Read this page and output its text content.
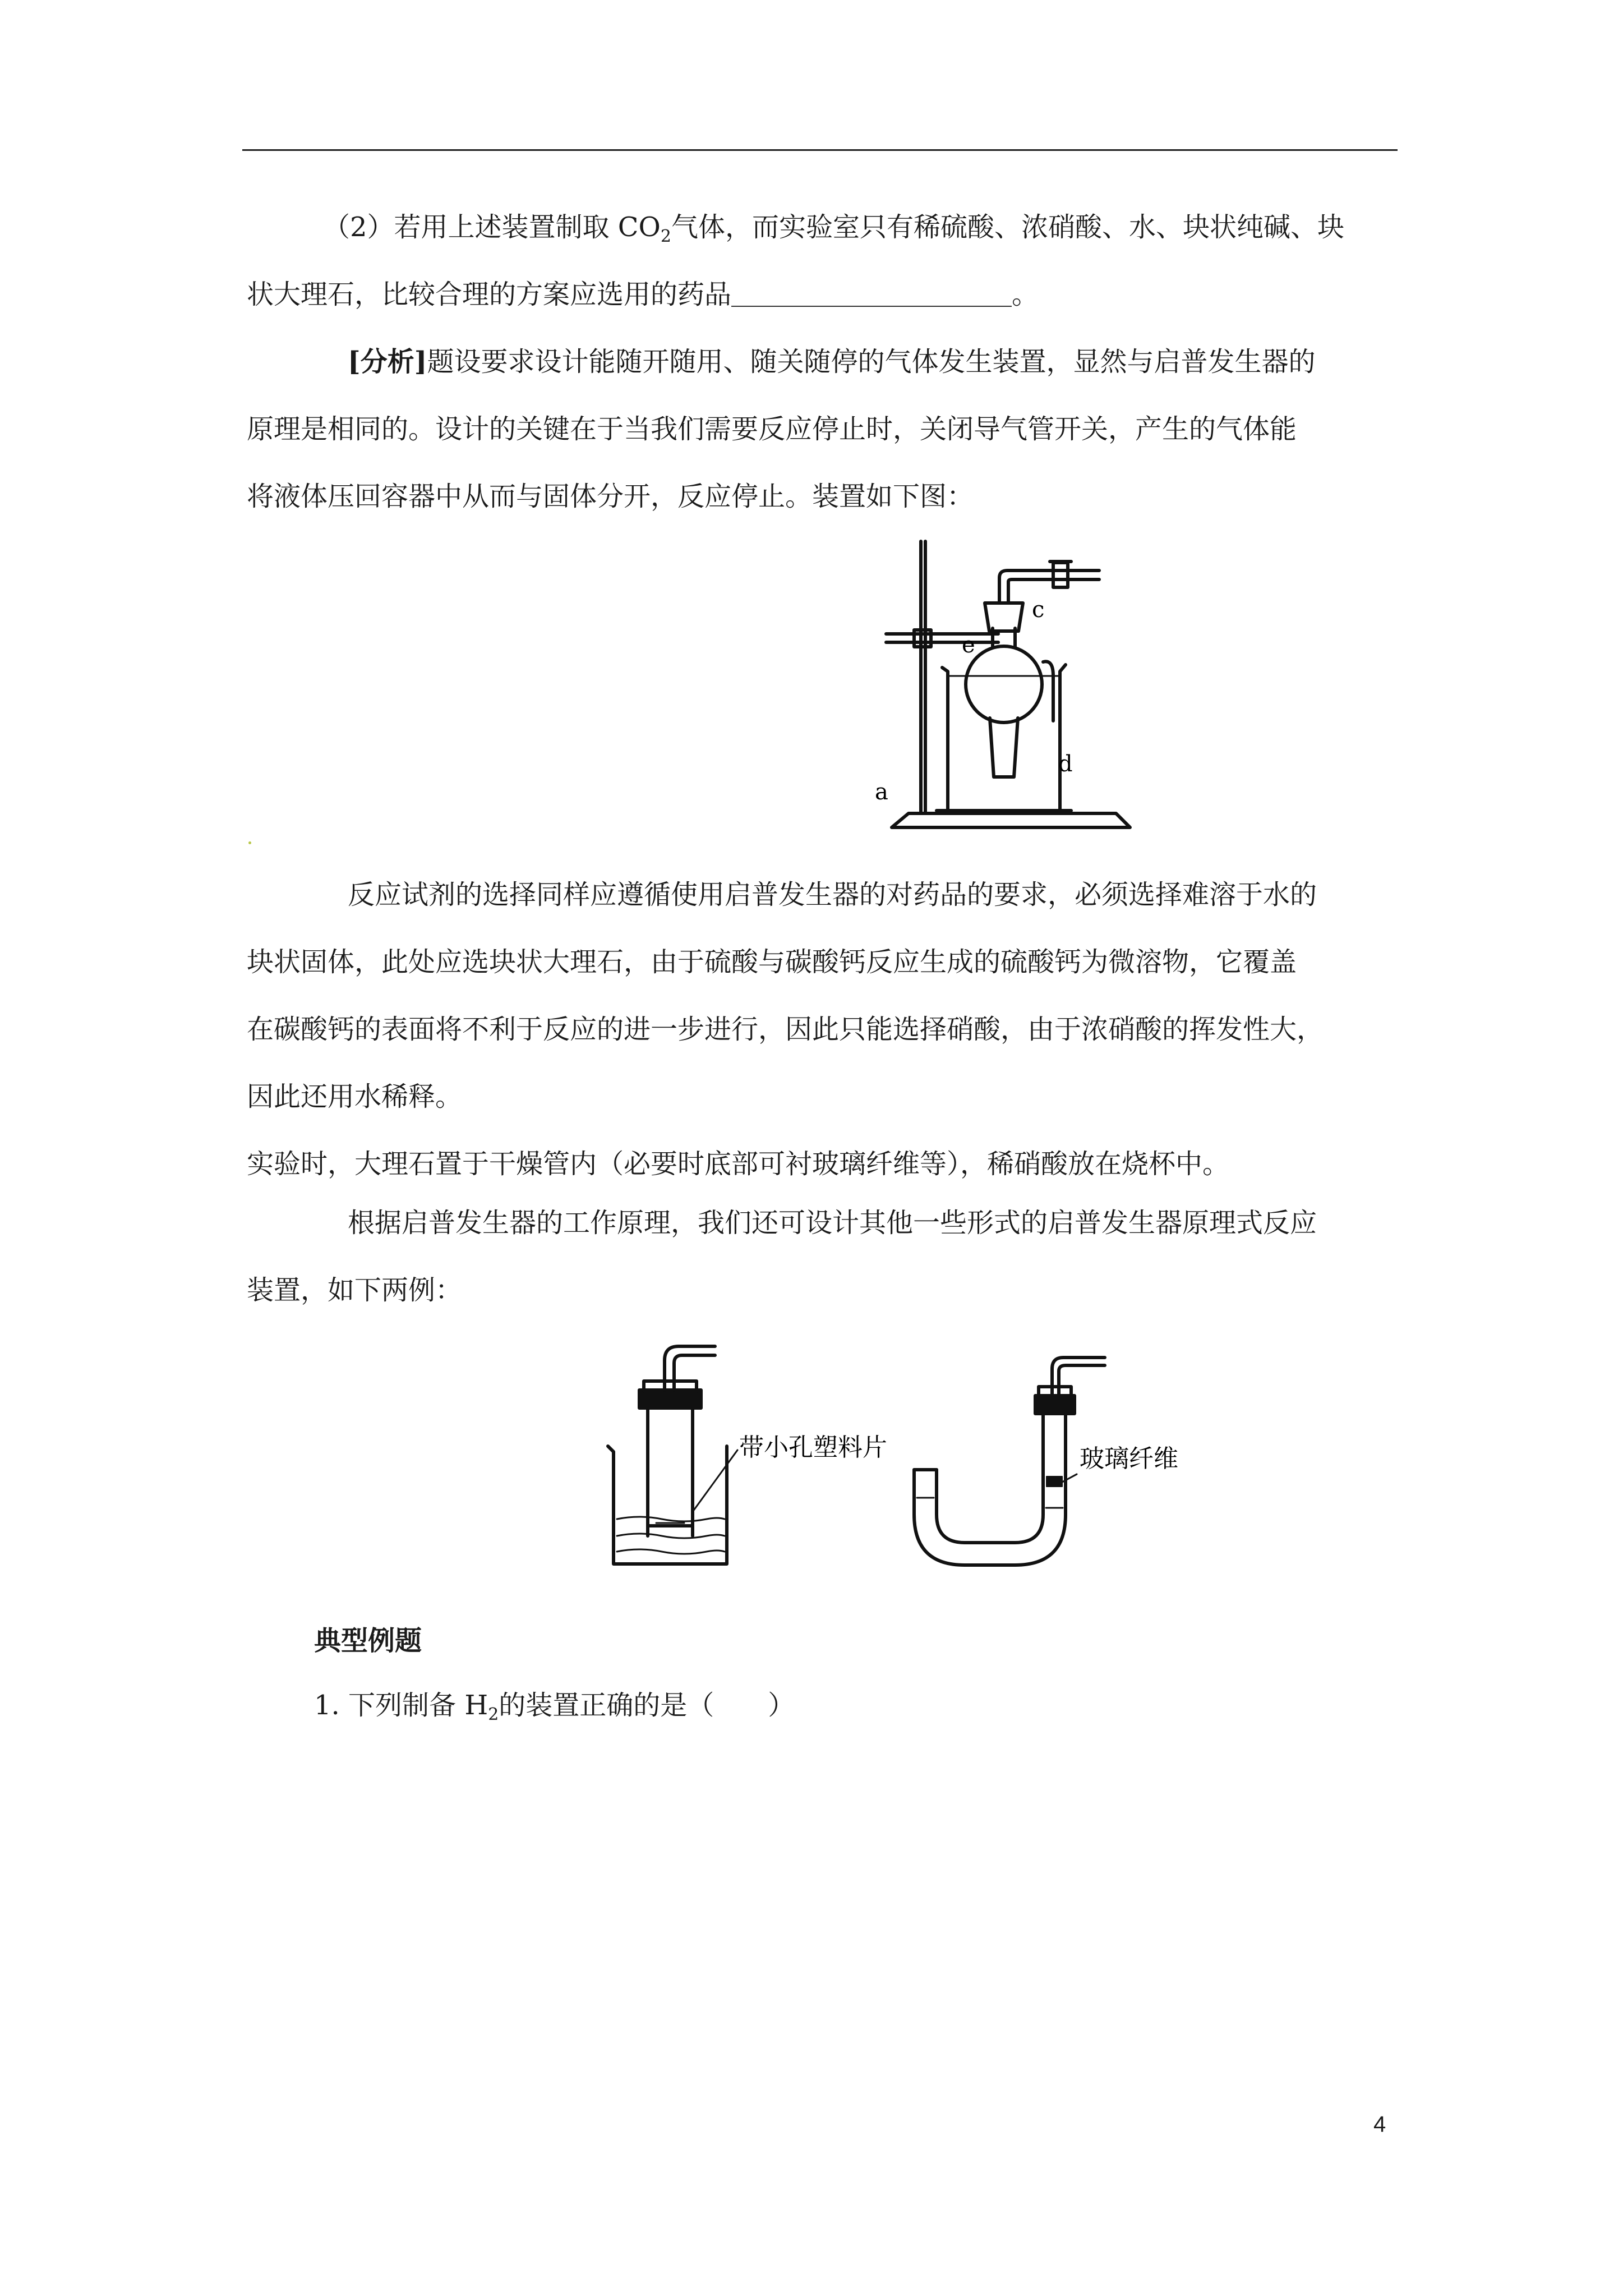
（2）若用上述装置制取 $CO_2$气体，而实验室只有稀硫酸、浓硝酸、水、块状纯碱、块
状大理石，比较合理的方案应选用的药品	。
[分析]题设要求设计能随开随用、随关随停的气体发生装置，显然与启普发生器的
原理是相同的。设计的关键在于当我们需要反应停止时，关闭导气管开关，产生的气体能
将液体压回容器中从而与固体分开，反应停止。装置如下图：
a
c
d
e
反应试剂的选择同样应遵循使用启普发生器的对药品的要求，必须选择难溶于水的
块状固体，此处应选块状大理石，由于硫酸与碳酸钙反应生成的硫酸钙为微溶物，它覆盖
在碳酸钙的表面将不利于反应的进一步进行，因此只能选择硝酸，由于浓硝酸的挥发性大，
因此还用水稀释。
实验时，大理石置于干燥管内（必要时底部可衬玻璃纤维等），稀硝酸放在烧杯中。
根据启普发生器的工作原理，我们还可设计其他一些形式的启普发生器原理式反应
装置，如下两例：
带小孔塑料片	玻璃纤维
典型例题
1. 下列制备 $H_2$的装置正确的是（　　）
4
